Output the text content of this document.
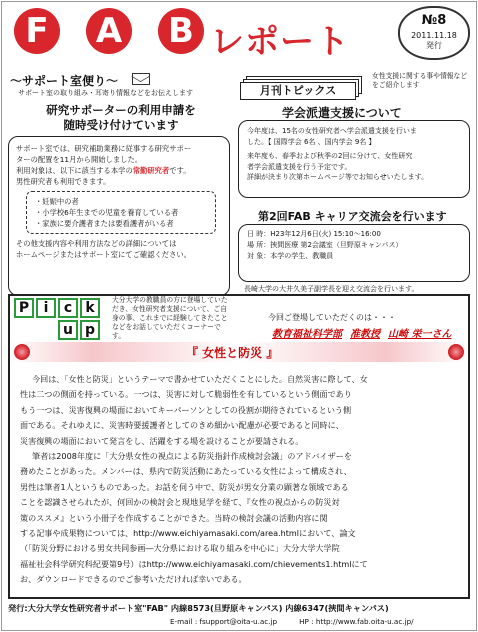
F	A B レポート
№8
2011.11.18
発行
～サポート室便り～
サポート室の取り組み・耳寄り情報などをお伝えします
研究サポーターの利用申請を
随時受け付けています

サポート室では、研究補助業務に従事する研究サポー

ターの配置を11月から開始しました。

利用対象は、以下に該当する本学の常勤研究者です。

男性研究者も利用できます。

・妊娠中の者

・小学校6年生までの児童を養育している者

・家族に要介護者または要看護者がいる者

その他支援内容や利用方法などの詳細については

ホームページまたはサポート室にてご確認ください。

月刊トピックス
女性支援に関する事や情報などをご紹介します
学会派遣支援について

今年度は、15名の女性研究者へ学会派遣支援を行いま

した。【 国際学会 6名 、国内学会 9名 】

来年度も、春季および秋季の2回に分けて、女性研究

者学会派遣支援を行う予定です。

詳細が決まり次第ホームページ等でお知らせいたします。

第2回FAB キャリア交流会を行います

日 時：H23年12月6日(火) 15:10～16:00

場 所：挾間医療 第2会議室（旦野原キャンパス）

対 象：本学の学生、教職員

長崎大学の大井久美子副学長を迎え交流会を行います。
P	i	c k
u p
大分大学の教職員の方に登場していただき、女性研究者支援について、ご自身の事、これまでに経験してきたことなどをお話していただくコーナーです。
今回ご登場していただくのは・・・
教育福祉科学部 准教授 山崎 栄一さん
『 女性と防災 』

今回は、「女性と防災」というテーマで書かせていただくことにした。自然災害に際して、女

性は二つの側面を持っている。一つは、災害に対して脆弱性を有しているという側面であり

もう一つは、災害復興の場面においてキーパーソンとしての役割が期待されているという側

面である。それゆえに、災害時要援護者としてのきめ細かい配慮が必要であると同時に、

災害復興の場面において発言をし、活躍をする場を設けることが要請される。

筆者は2008年度に「大分県女性の視点による防災指針作成検討会議」のアドバイザーを

務めたことがあった。メンバーは、県内で防災活動にあたっている女性によって構成され、

男性は筆者1人というものであった。お話を伺う中で、防災が男女分業の顕著な領域である

ことを認識させられたが、何回かの検討会と現地見学を経て、『女性の視点からの防災対

策のススメ』という小冊子を作成することができた。当時の検討会議の活動内容に関

する記事や成果物については、http://www.eichiyamasaki.com/area.htmlにおいて、論文

（「防災分野における男女共同参画―大分県における取り組みを中心に」大分大学大学院

福祉社会科学研究科紀要第9号）はhttp://www.eichiyamasaki.com/chievements1.htmlにて

お、ダウンロードできるのでご参考いただければ幸いである。

発行:大分大学女性研究者サポート室"FAB" 内線8573(旦野原キャンパス) 内線6347(挾間キャンパス)
E-mail : fsupport@oita-u.ac.jp	HP : http://www.fab.oita-u.ac.jp/
